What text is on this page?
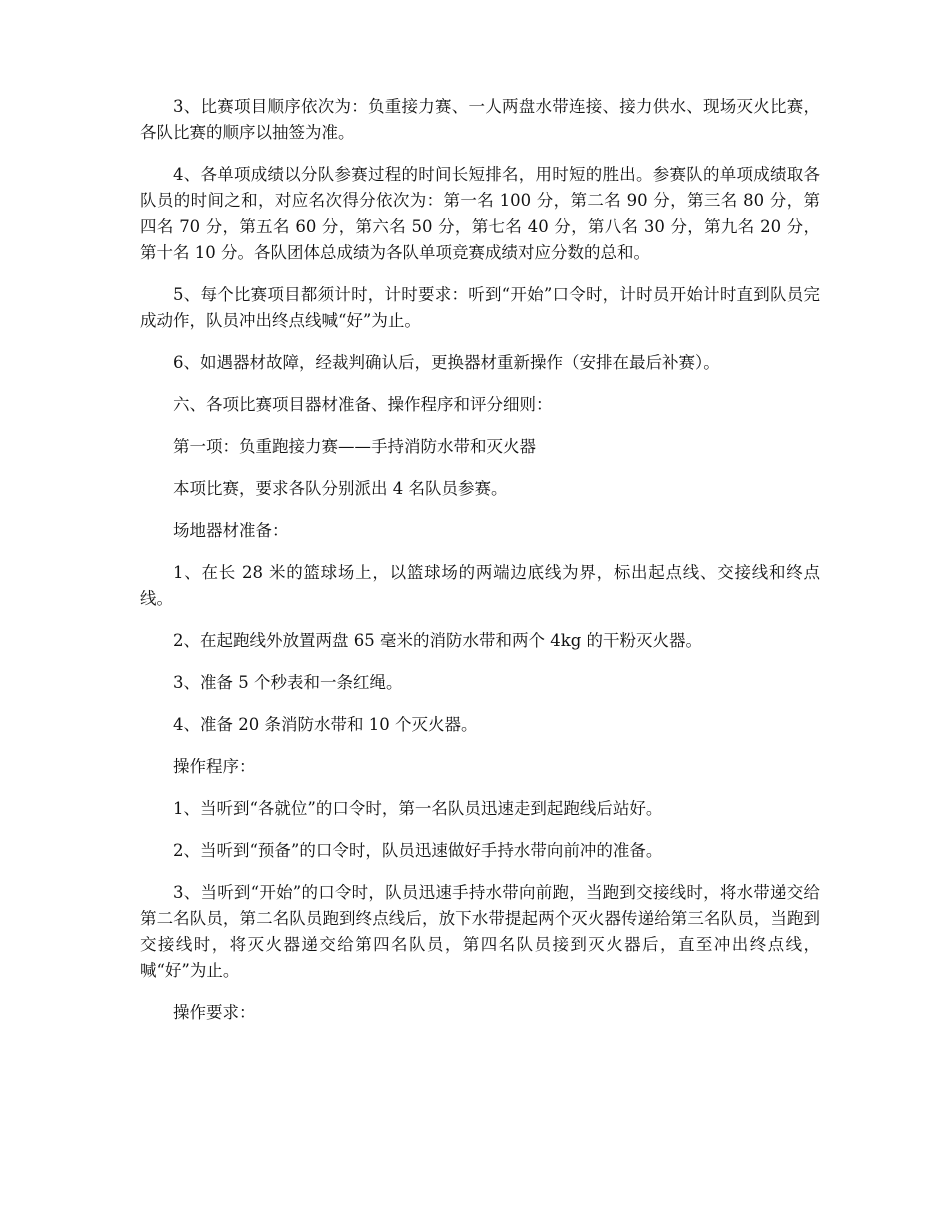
3、比赛项目顺序依次为：负重接力赛、一人两盘水带连接、接力供水、现场灭火比赛，各队比赛的顺序以抽签为准。

4、各单项成绩以分队参赛过程的时间长短排名，用时短的胜出。参赛队的单项成绩取各队员的时间之和，对应名次得分依次为：第一名 100 分，第二名 90 分，第三名 80 分，第四名 70 分，第五名 60 分，第六名 50 分，第七名 40 分，第八名 30 分，第九名 20 分，第十名 10 分。各队团体总成绩为各队单项竞赛成绩对应分数的总和。

5、每个比赛项目都须计时，计时要求：听到“开始”口令时，计时员开始计时直到队员完成动作，队员冲出终点线喊“好”为止。

6、如遇器材故障，经裁判确认后，更换器材重新操作（安排在最后补赛）。

六、各项比赛项目器材准备、操作程序和评分细则：

第一项：负重跑接力赛——手持消防水带和灭火器

本项比赛，要求各队分别派出 4 名队员参赛。

场地器材准备：

1、在长 28 米的篮球场上，以篮球场的两端边底线为界，标出起点线、交接线和终点线。

2、在起跑线外放置两盘 65 毫米的消防水带和两个 4kg 的干粉灭火器。

3、准备 5 个秒表和一条红绳。

4、准备 20 条消防水带和 10 个灭火器。

操作程序：

1、当听到“各就位”的口令时，第一名队员迅速走到起跑线后站好。

2、当听到“预备”的口令时，队员迅速做好手持水带向前冲的准备。

3、当听到“开始”的口令时，队员迅速手持水带向前跑，当跑到交接线时，将水带递交给第二名队员，第二名队员跑到终点线后，放下水带提起两个灭火器传递给第三名队员，当跑到交接线时，将灭火器递交给第四名队员，第四名队员接到灭火器后，直至冲出终点线，喊“好”为止。

操作要求：
